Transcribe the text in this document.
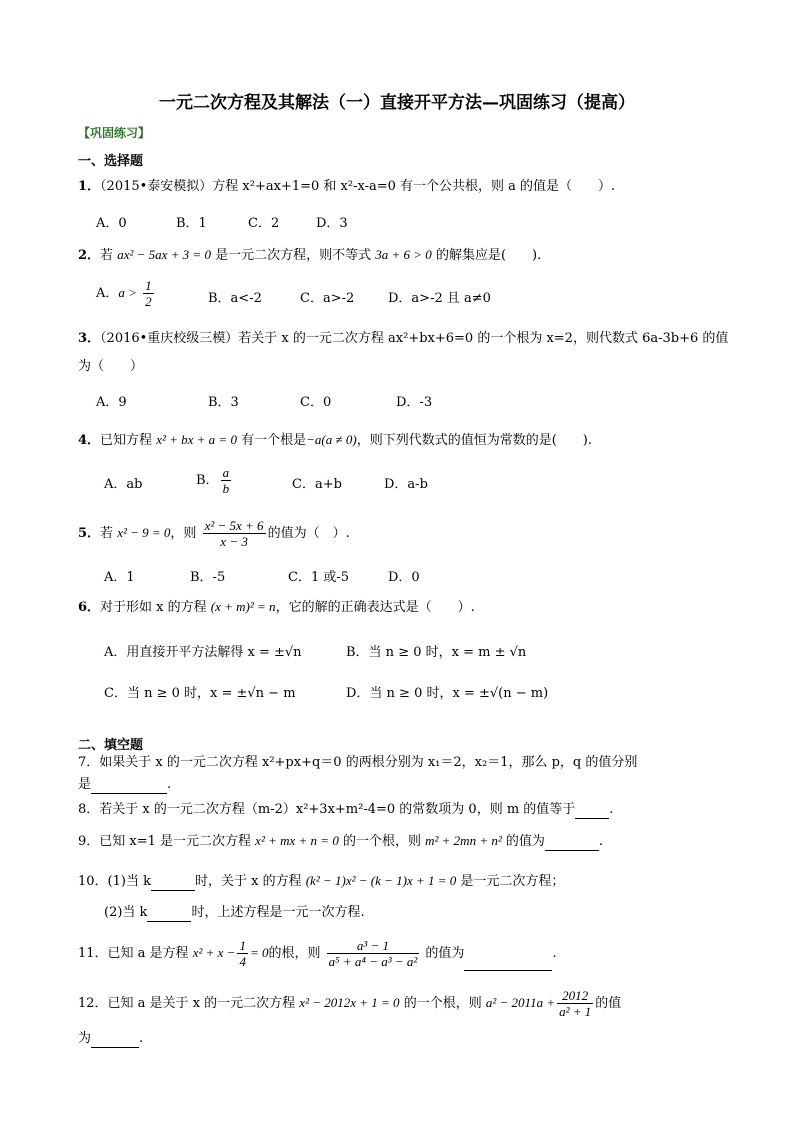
一元二次方程及其解法（一）直接开平方法—巩固练习（提高）
【巩固练习】
一、选择题
1．（2015•泰安模拟）方程 x²+ax+1=0 和 x²-x-a=0 有一个公共根，则 a 的值是（　　）.
A．0	B．1	C．2	D．3
2．若 ax² − 5ax + 3 = 0 是一元二次方程，则不等式 3a + 6 > 0 的解集应是(　　).
A．$a > \frac{1}{2}$	B．a<-2	C．a>-2	D．a>-2 且 a≠0
3．（2016•重庆校级三模）若关于 x 的一元二次方程 ax²+bx+6=0 的一个根为 x=2，则代数式 6a-3b+6 的值
为（　　）
A．9	B．3	C．0	D．-3
4．已知方程 x² + bx + a = 0 有一个根是−a(a ≠ 0)，则下列代数式的值恒为常数的是(　　).
A．ab	B． $\frac{a}{b}$	C．a+b	D．a-b
5．若 x² − 9 = 0，则 $\frac{\text{x² − 5x + 6}}{x - 3}$ 的值为（　）.
A．1	B．-5	C．1 或-5	D．0
6．对于形如 x 的方程 (x + m)² = n，它的解的正确表达式是（　　）.
A．用直接开平方法解得 x = ±√n	B．当 n ≥ 0 时，x = m ± √n
C．当 n ≥ 0 时，x = ±√n − m	D．当 n ≥ 0 时，x = ±√(n − m)
二、填空题
7．如果关于 x 的一元二次方程 x²+px+q＝0 的两根分别为 x₁＝2，x₂＝1，那么 p，q 的值分别
是	.
8．若关于 x 的一元二次方程（m-2）x²+3x+m²-4=0 的常数项为 0，则 m 的值等于	.
9．已知 x=1 是一元二次方程 x² + mx + n = 0 的一个根，则 m² + 2mn + n² 的值为	.
10．(1)当 k	时，关于 x 的方程 (k² − 1)x² − (k − 1)x + 1 = 0 是一元二次方程；
(2)当 k	时，上述方程是一元一次方程.
11．已知 a 是方程 $x^2 + x - \frac{1}{4} = 0$的根，则 $\frac{\text{a³ − 1}}{\text{a⁵ + a⁴ − a³ − a²}}$ 的值为	.
12．已知 a 是关于 x 的一元二次方程 x² − 2012x + 1 = 0 的一个根，则 $a^2 - 2011a + \frac{2012}{\text{a² + 1}}$ 的值
为	.
